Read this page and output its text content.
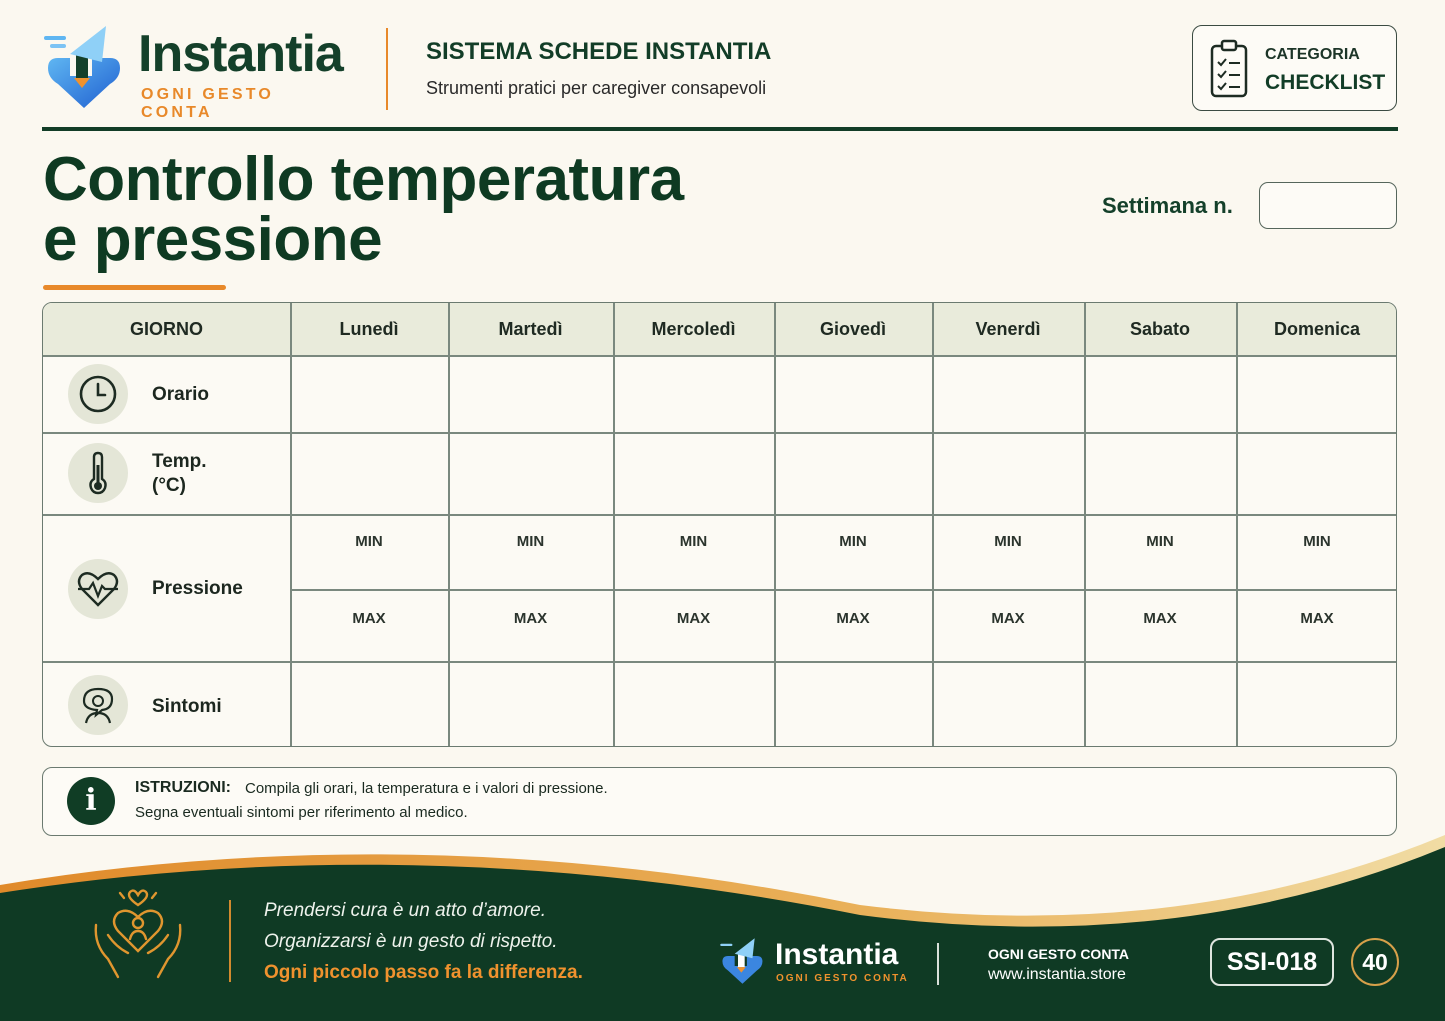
Instantia
OGNI GESTO CONTA
SISTEMA SCHEDE INSTANTIA
Strumenti pratici per caregiver consapevoli
CATEGORIA
CHECKLIST
Controllo temperatura
e pressione	Settimana n.
GIORNO	Lunedì	Martedì	Mercoledì	Giovedì	Venerdì	Sabato	Domenica
Orario
Temp.
(°C)
Pressione
MIN	MIN	MIN	MIN	MIN	MIN	MIN
MAX	MAX	MAX	MAX	MAX	MAX	MAX
Sintomi
i	ISTRUZIONI: Compila gli orari, la temperatura e i valori di pressione.
Segna eventuali sintomi per riferimento al medico.
Prendersi cura è un atto d’amore.
Organizzarsi è un gesto di rispetto.
Ogni piccolo passo fa la differenza.
Instantia
OGNI GESTO CONTA
OGNI GESTO CONTA
www.instantia.store	SSI-018	40
